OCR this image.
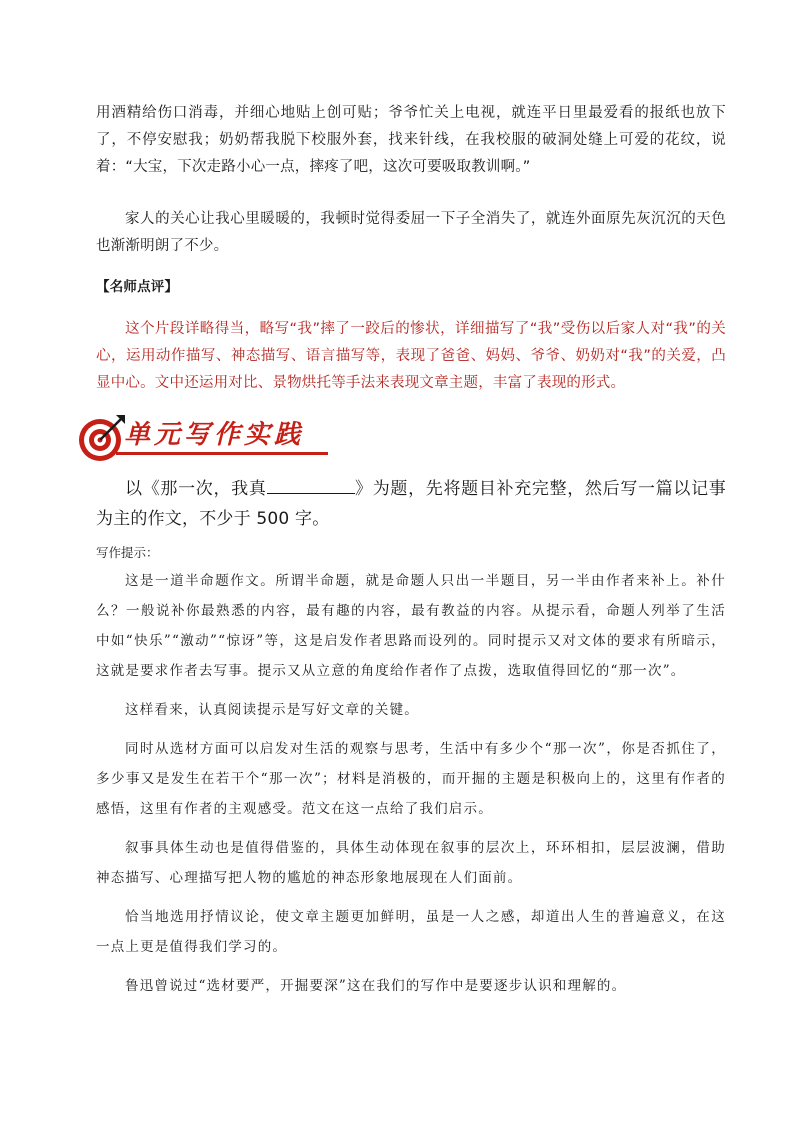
用酒精给伤口消毒，并细心地贴上创可贴；爷爷忙关上电视，就连平日里最爱看的报纸也放下了，不停安慰我；奶奶帮我脱下校服外套，找来针线，在我校服的破洞处缝上可爱的花纹，说着：“大宝，下次走路小心一点，摔疼了吧，这次可要吸取教训啊。”

家人的关心让我心里暖暖的，我顿时觉得委屈一下子全消失了，就连外面原先灰沉沉的天色也渐渐明朗了不少。

【名师点评】

这个片段详略得当，略写“我”摔了一跤后的惨状，详细描写了“我”受伤以后家人对“我”的关心，运用动作描写、神态描写、语言描写等，表现了爸爸、妈妈、爷爷、奶奶对“我”的关爱，凸显中心。文中还运用对比、景物烘托等手法来表现文章主题，丰富了表现的形式。

单元写作实践

以《那一次，我真	》为题，先将题目补充完整，然后写一篇以记事为主的作文，不少于 500 字。

写作提示：

这是一道半命题作文。所谓半命题，就是命题人只出一半题目，另一半由作者来补上。补什么？一般说补你最熟悉的内容，最有趣的内容，最有教益的内容。从提示看，命题人列举了生活中如“快乐”“激动”“惊讶”等，这是启发作者思路而设列的。同时提示又对文体的要求有所暗示，这就是要求作者去写事。提示又从立意的角度给作者作了点拨，选取值得回忆的“那一次”。

这样看来，认真阅读提示是写好文章的关键。

同时从选材方面可以启发对生活的观察与思考，生活中有多少个“那一次”，你是否抓住了，多少事又是发生在若干个“那一次”；材料是消极的，而开掘的主题是积极向上的，这里有作者的感悟，这里有作者的主观感受。范文在这一点给了我们启示。

叙事具体生动也是值得借鉴的，具体生动体现在叙事的层次上，环环相扣，层层波澜，借助神态描写、心理描写把人物的尴尬的神态形象地展现在人们面前。

恰当地选用抒情议论，使文章主题更加鲜明，虽是一人之感，却道出人生的普遍意义，在这一点上更是值得我们学习的。

鲁迅曾说过“选材要严，开掘要深”这在我们的写作中是要逐步认识和理解的。
